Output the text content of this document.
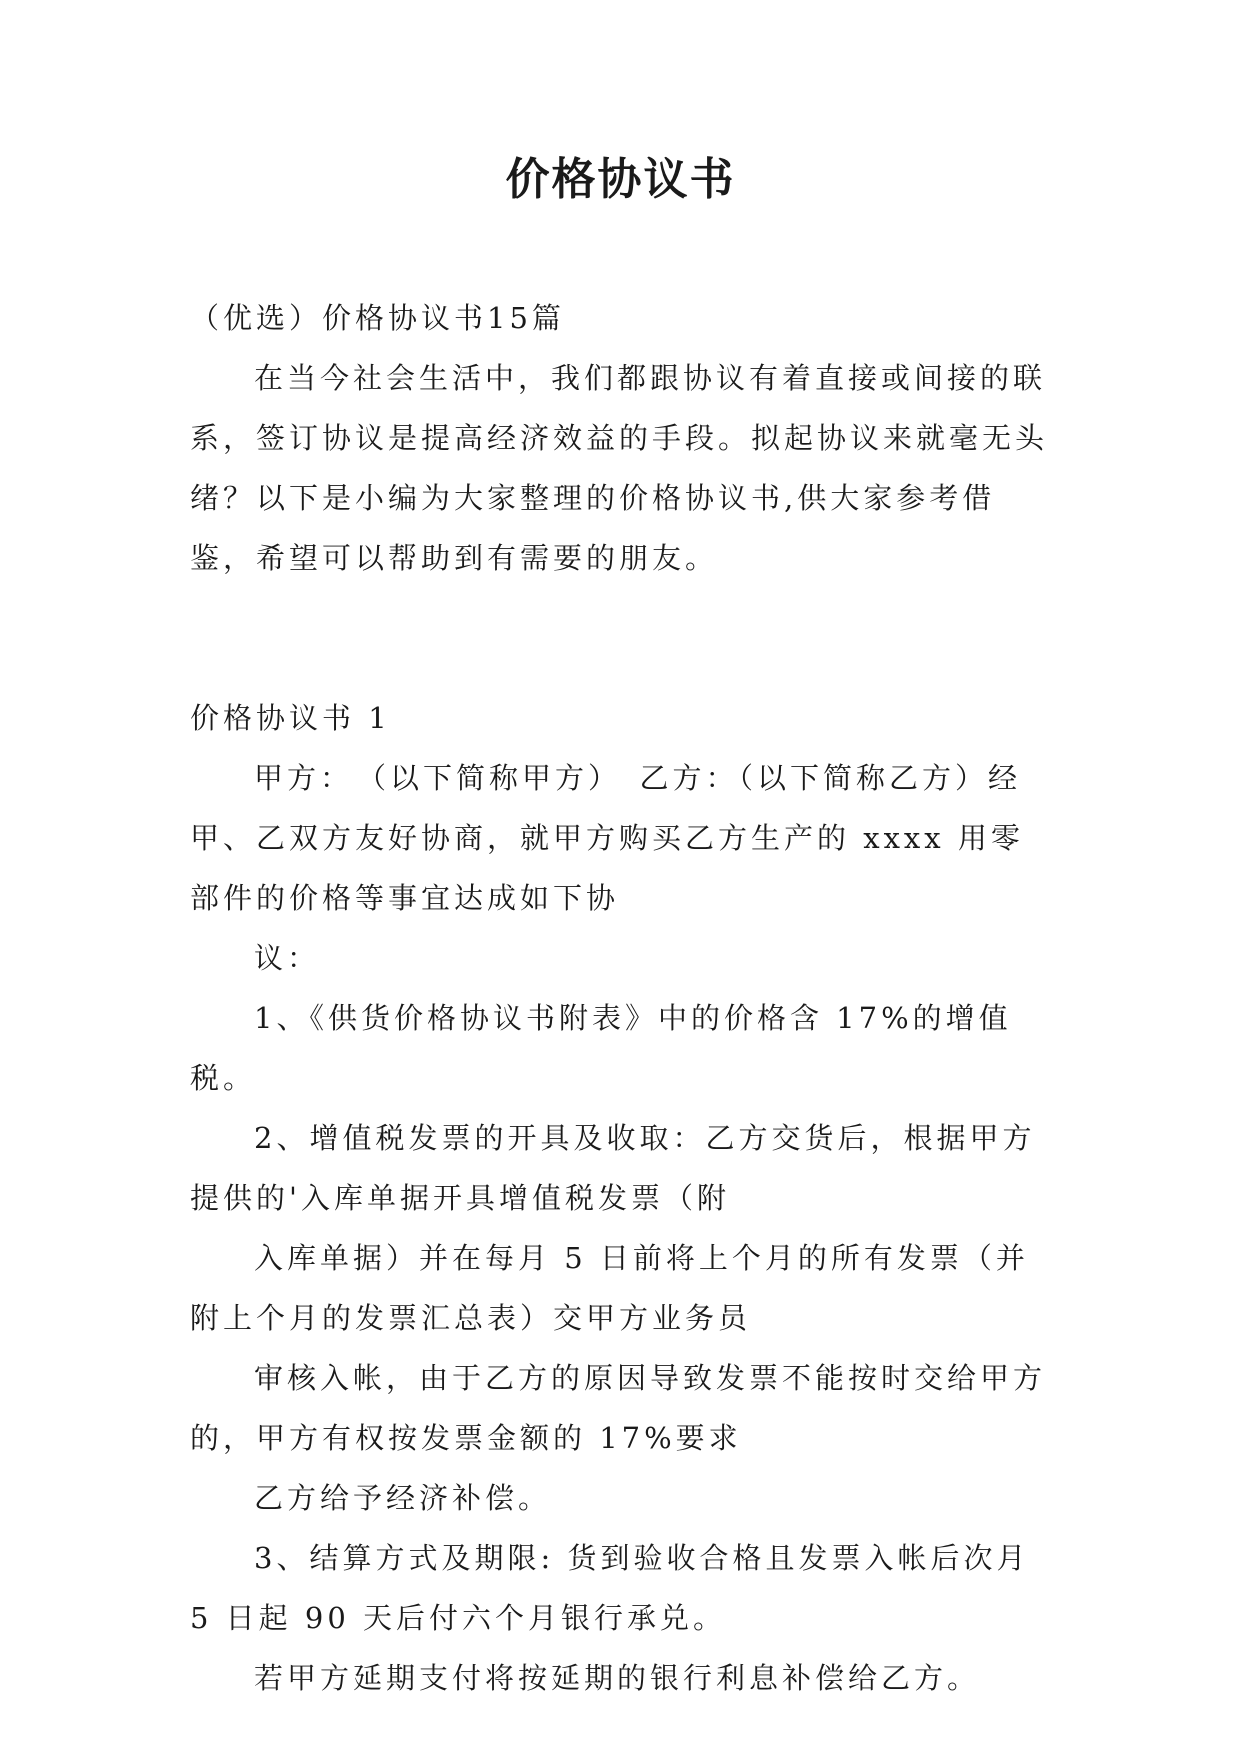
价格协议书

（优选）价格协议书15篇

在当今社会生活中，我们都跟协议有着直接或间接的联系，签订协议是提高经济效益的手段。拟起协议来就毫无头绪？以下是小编为大家整理的价格协议书,供大家参考借鉴，希望可以帮助到有需要的朋友。

价格协议书 1

甲方：　（以下简称甲方）　乙方：（以下简称乙方）经甲、乙双方友好协商，就甲方购买乙方生产的 xxxx 用零部件的价格等事宜达成如下协

议：

1、《供货价格协议书附表》中的价格含 17%的增值税。

2、增值税发票的开具及收取：乙方交货后，根据甲方提供的'入库单据开具增值税发票（附

入库单据）并在每月 5 日前将上个月的所有发票（并附上个月的发票汇总表）交甲方业务员

审核入帐，由于乙方的原因导致发票不能按时交给甲方的，甲方有权按发票金额的 17%要求

乙方给予经济补偿。

3、结算方式及期限: 货到验收合格且发票入帐后次月 5 日起 90 天后付六个月银行承兑。

若甲方延期支付将按延期的银行利息补偿给乙方。
